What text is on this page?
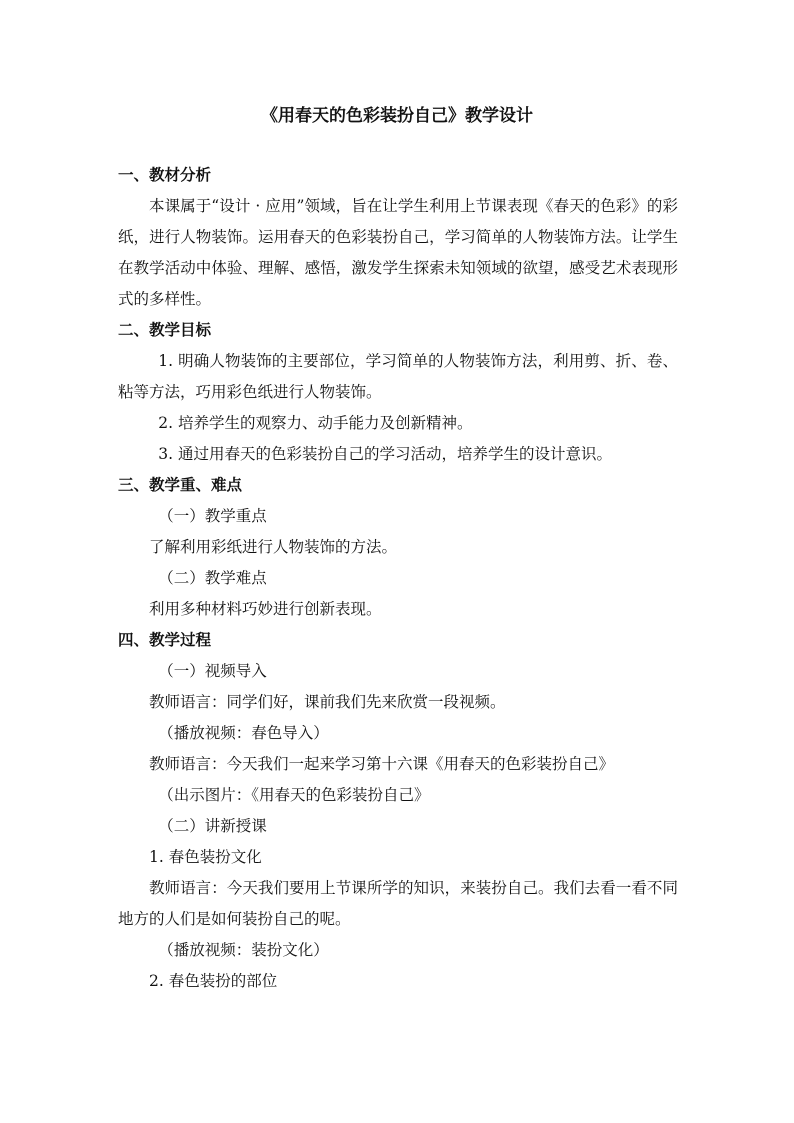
《用春天的色彩装扮自己》教学设计
一、教材分析

本课属于“设计 · 应用”领域，旨在让学生利用上节课表现《春天的色彩》的彩纸，进行人物装饰。运用春天的色彩装扮自己，学习简单的人物装饰方法。让学生在教学活动中体验、理解、感悟，激发学生探索未知领域的欲望，感受艺术表现形式的多样性。

二、教学目标

1. 明确人物装饰的主要部位，学习简单的人物装饰方法，利用剪、折、卷、粘等方法，巧用彩色纸进行人物装饰。

2. 培养学生的观察力、动手能力及创新精神。

3. 通过用春天的色彩装扮自己的学习活动，培养学生的设计意识。

三、教学重、难点

（一）教学重点

了解利用彩纸进行人物装饰的方法。

（二）教学难点

利用多种材料巧妙进行创新表现。

四、教学过程

（一）视频导入

教师语言：同学们好，课前我们先来欣赏一段视频。

（播放视频：春色导入）

教师语言：今天我们一起来学习第十六课《用春天的色彩装扮自己》

（出示图片：《用春天的色彩装扮自己》

（二）讲新授课

1. 春色装扮文化

教师语言：今天我们要用上节课所学的知识，来装扮自己。我们去看一看不同地方的人们是如何装扮自己的呢。

（播放视频：装扮文化）

2. 春色装扮的部位
